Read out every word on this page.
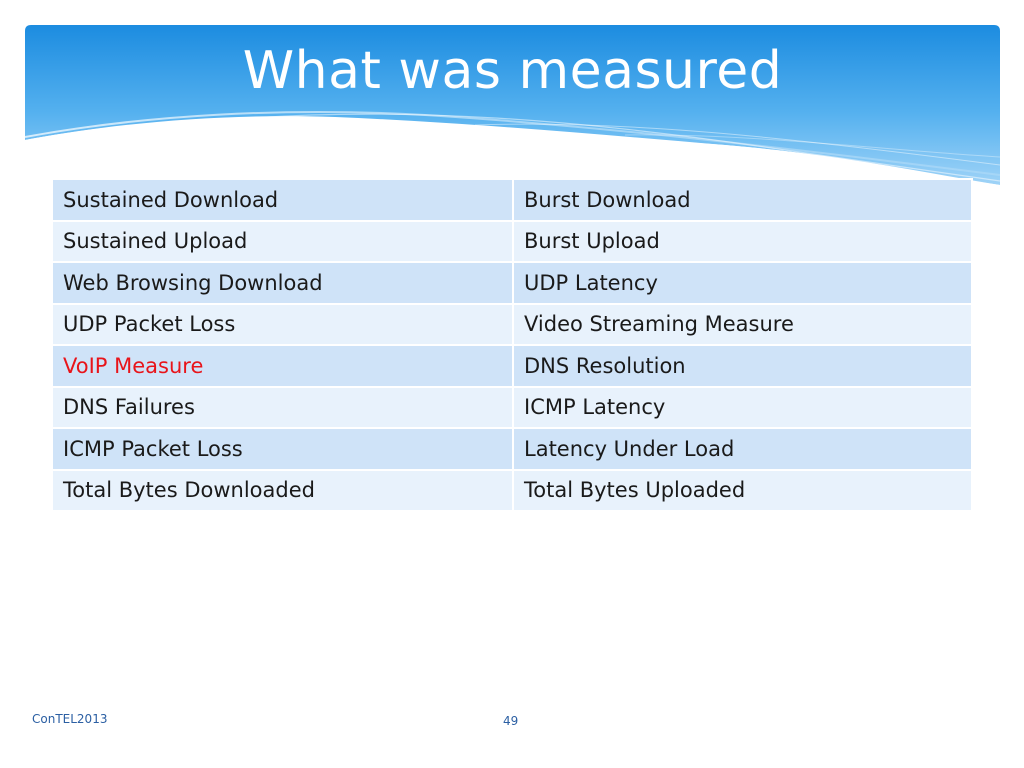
What was measured
Sustained Download	Burst Download
Sustained Upload	Burst Upload
Web Browsing Download	UDP Latency
UDP Packet Loss	Video Streaming Measure
VoIP Measure	DNS Resolution
DNS Failures	ICMP Latency
ICMP Packet Loss	Latency Under Load
Total Bytes Downloaded	Total Bytes Uploaded
ConTEL2013	49
